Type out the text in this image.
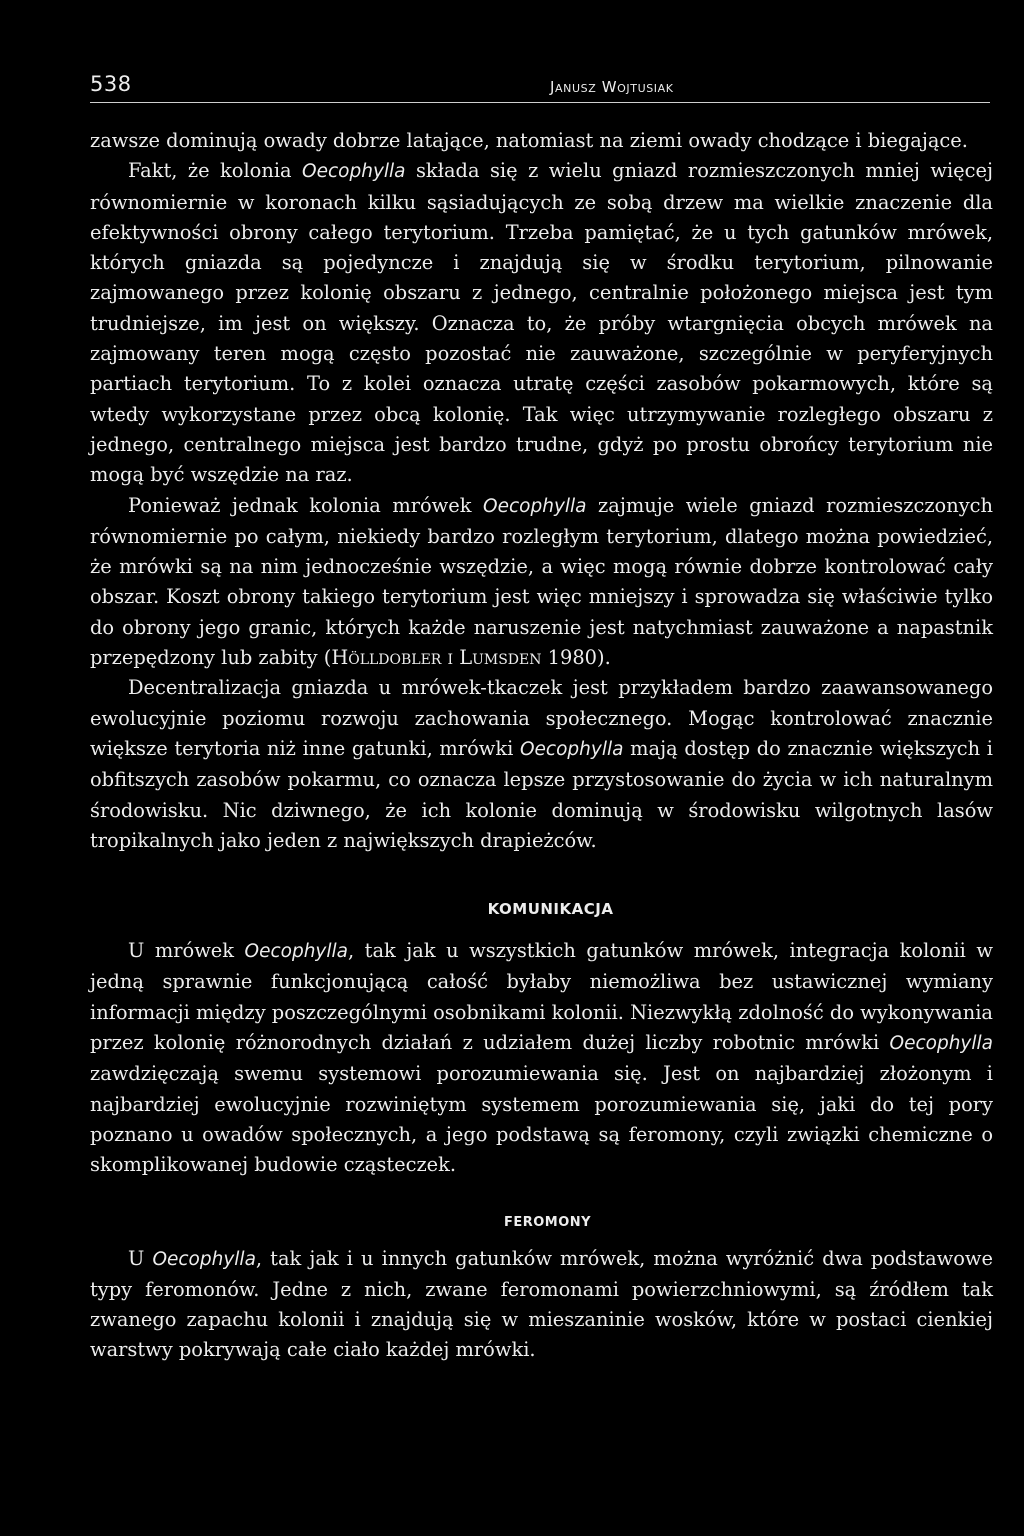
538	Janusz Wojtusiak

zawsze dominują owady dobrze latające, natomiast na ziemi owady chodzące i biegające.

Fakt, że kolonia Oecophylla składa się z wielu gniazd rozmieszczonych mniej więcej równomiernie w koronach kilku sąsiadujących ze sobą drzew ma wielkie znaczenie dla efektywności obrony całego terytorium. Trzeba pamiętać, że u tych gatunków mrówek, których gniazda są pojedyncze i znajdują się w środku terytorium, pilnowanie zajmowanego przez kolonię obszaru z jednego, centralnie położonego miejsca jest tym trudniejsze, im jest on większy. Oznacza to, że próby wtargnięcia obcych mrówek na zajmowany teren mogą często pozostać nie zauważone, szczególnie w peryferyjnych partiach terytorium. To z kolei oznacza utratę części zasobów pokarmowych, które są wtedy wykorzystane przez obcą kolonię. Tak więc utrzymywanie rozległego obszaru z jednego, centralnego miejsca jest bardzo trudne, gdyż po prostu obrońcy terytorium nie mogą być wszędzie na raz.

Ponieważ jednak kolonia mrówek Oecophylla zajmuje wiele gniazd rozmieszczonych równomiernie po całym, niekiedy bardzo rozległym terytorium, dlatego można powiedzieć, że mrówki są na nim jednocześnie wszędzie, a więc mogą równie dobrze kontrolować cały obszar. Koszt obrony takiego terytorium jest więc mniejszy i sprowadza się właściwie tylko do obrony jego granic, których każde naruszenie jest natychmiast zauważone a napastnik przepędzony lub zabity (Hölldobler i Lumsden 1980).

Decentralizacja gniazda u mrówek-tkaczek jest przykładem bardzo zaawansowanego ewolucyjnie poziomu rozwoju zachowania społecznego. Mogąc kontrolować znacznie większe terytoria niż inne gatunki, mrówki Oecophylla mają dostęp do znacznie większych i obfitszych zasobów pokarmu, co oznacza lepsze przystosowanie do życia w ich naturalnym środowisku. Nic dziwnego, że ich kolonie dominują w środowisku wilgotnych lasów tropikalnych jako jeden z największych drapieżców.

KOMUNIKACJA

U mrówek Oecophylla, tak jak u wszystkich gatunków mrówek, integracja kolonii w jedną sprawnie funkcjonującą całość byłaby niemożliwa bez ustawicznej wymiany informacji między poszczególnymi osobnikami kolonii. Niezwykłą zdolność do wykonywania przez kolonię różnorodnych działań z udziałem dużej liczby robotnic mrówki Oecophylla zawdzięczają swemu systemowi porozumiewania się. Jest on najbardziej złożonym i najbardziej ewolucyjnie rozwiniętym systemem porozumiewania się, jaki do tej pory poznano u owadów społecznych, a jego podstawą są feromony, czyli związki chemiczne o skomplikowanej budowie cząsteczek.

FEROMONY

U Oecophylla, tak jak i u innych gatunków mrówek, można wyróżnić dwa podstawowe typy feromonów. Jedne z nich, zwane feromonami powierzchniowymi, są źródłem tak zwanego zapachu kolonii i znajdują się w mieszaninie wosków, które w postaci cienkiej warstwy pokrywają całe ciało każdej mrówki.
